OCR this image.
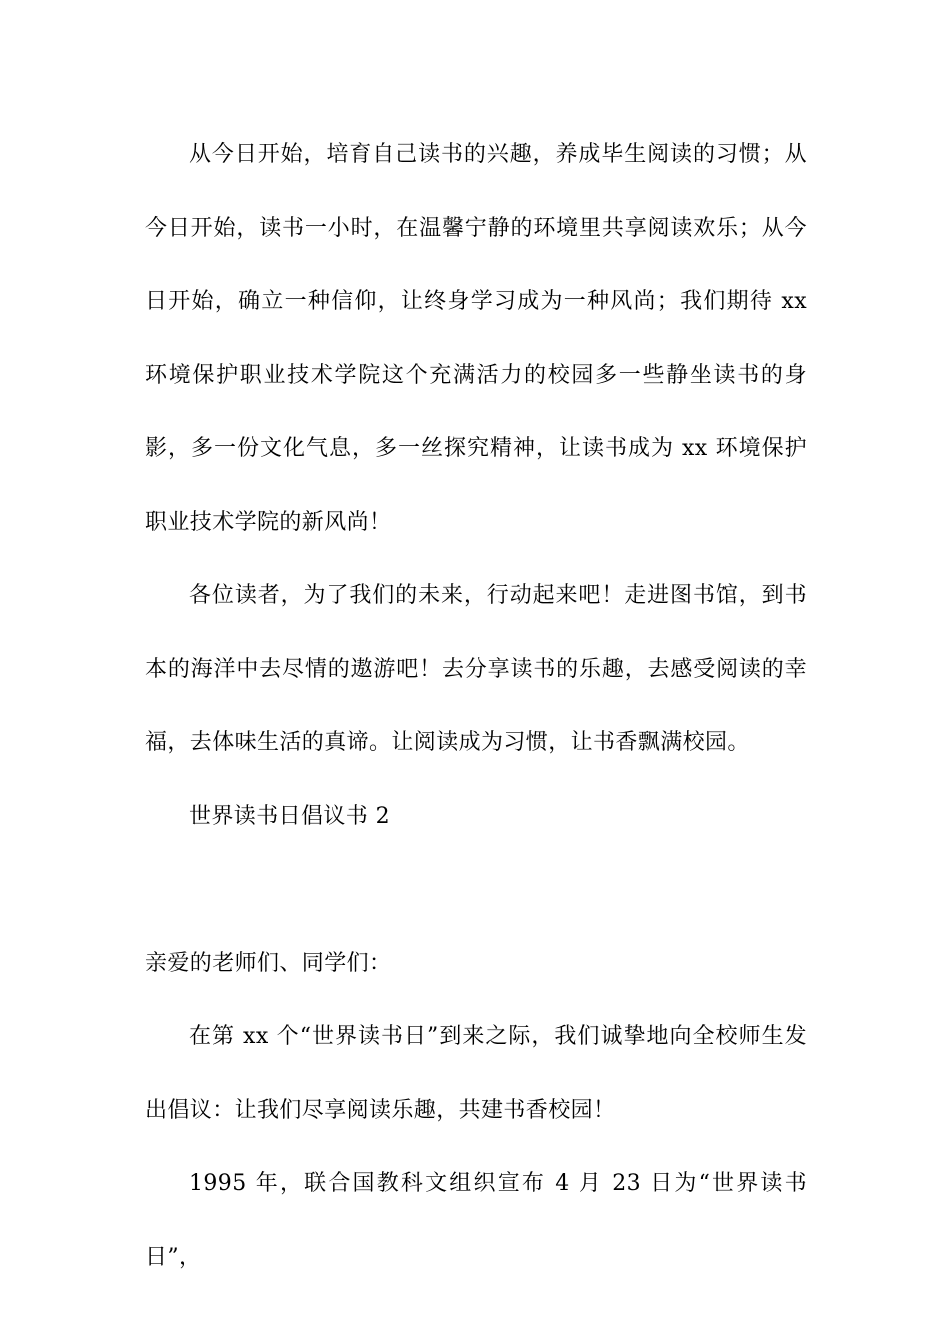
从今日开始，培育自己读书的兴趣，养成毕生阅读的习惯；从今日开始，读书一小时，在温馨宁静的环境里共享阅读欢乐；从今日开始，确立一种信仰，让终身学习成为一种风尚；我们期待 xx 环境保护职业技术学院这个充满活力的校园多一些静坐读书的身影，多一份文化气息，多一丝探究精神，让读书成为 xx 环境保护职业技术学院的新风尚！

各位读者，为了我们的未来，行动起来吧！走进图书馆，到书本的海洋中去尽情的遨游吧！去分享读书的乐趣，去感受阅读的幸福，去体味生活的真谛。让阅读成为习惯，让书香飘满校园。

世界读书日倡议书 2

亲爱的老师们、同学们：

在第 xx 个“世界读书日”到来之际，我们诚挚地向全校师生发出倡议：让我们尽享阅读乐趣，共建书香校园！

1995 年，联合国教科文组织宣布 4 月 23 日为“世界读书日”，
